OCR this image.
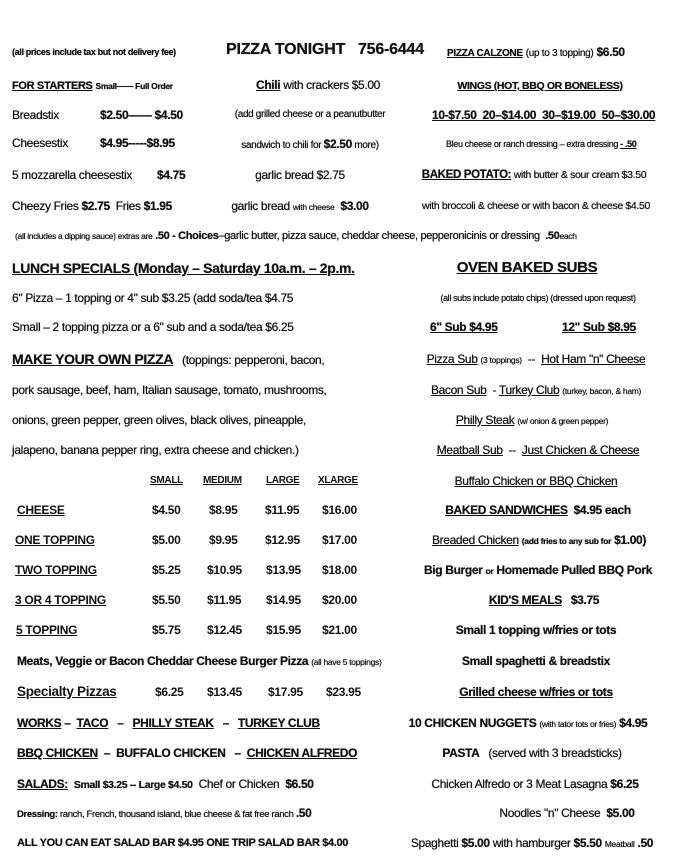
(all prices include tax but not delivery fee)	PIZZA TONIGHT 756-6444 PIZZA CALZONE (up to 3 topping) $6.50
FOR STARTERS Small—— Full Order
Breadstix	$2.50—— $4.50
Cheesestix	$4.95-----$8.95
5 mozzarella cheesestix $4.75
Cheezy Fries $2.75 Fries $1.95
(all includes a dipping sauce) extras are .50 - Choices–garlic butter, pizza sauce, cheddar cheese, pepperonicinis or dressing .50each
Chili with crackers $5.00
(add grilled cheese or a peanutbutter
sandwich to chili for $2.50 more)
garlic bread $2.75
garlic bread with cheese $3.00
WINGS (HOT, BBQ OR BONELESS)
10-$7.50 20–$14.00 30–$19.00 50–$30.00
Bleu cheese or ranch dressing – extra dressing - .50
BAKED POTATO: with butter & sour cream $3.50
with broccoli & cheese or with bacon & cheese $4.50
LUNCH SPECIALS (Monday – Saturday 10a.m. – 2p.m.
6" Pizza – 1 topping or 4" sub $3.25 (add soda/tea $4.75
Small – 2 topping pizza or a 6" sub and a soda/tea $6.25
MAKE YOUR OWN PIZZA (toppings: pepperoni, bacon,
pork sausage, beef, ham, Italian sausage, tomato, mushrooms,
onions, green pepper, green olives, black olives, pineapple,
jalapeno, banana pepper ring, extra cheese and chicken.)
SMALL MEDIUM LARGE XLARGE
CHEESE	$4.50 $8.95 $11.95 $16.00
ONE TOPPING	$5.00 $9.95 $12.95 $17.00
TWO TOPPING	$5.25 $10.95 $13.95 $18.00
3 OR 4 TOPPING	$5.50 $11.95 $14.95 $20.00
5 TOPPING	$5.75 $12.45 $15.95 $21.00
Meats, Veggie or Bacon Cheddar Cheese Burger Pizza (all have 5 toppings)
Specialty Pizzas	$6.25 $13.45 $17.95 $23.95
WORKS – TACO – PHILLY STEAK – TURKEY CLUB
BBQ CHICKEN – BUFFALO CHICKEN – CHICKEN ALFREDO
SALADS: Small $3.25 -- Large $4.50 Chef or Chicken $6.50
Dressing: ranch, French, thousand island, blue cheese & fat free ranch .50
ALL YOU CAN EAT SALAD BAR $4.95 ONE TRIP SALAD BAR $4.00
OVEN BAKED SUBS
(all subs include potato chips) (dressed upon request)
6" Sub $4.95	12" Sub $8.95
Pizza Sub (3 toppings) -- Hot Ham "n" Cheese
Bacon Sub - Turkey Club (turkey, bacon, & ham)
Philly Steak (w/ onion & green pepper)
Meatball Sub -- Just Chicken & Cheese
Buffalo Chicken or BBQ Chicken
BAKED SANDWICHES $4.95 each
Breaded Chicken (add fries to any sub for $1.00)
Big Burger or Homemade Pulled BBQ Pork
KID'S MEALS $3.75
Small 1 topping w/fries or tots
Small spaghetti & breadstix
Grilled cheese w/fries or tots
10 CHICKEN NUGGETS (with tator tots or fries) $4.95
PASTA (served with 3 breadsticks)
Chicken Alfredo or 3 Meat Lasagna $6.25
Noodles "n" Cheese $5.00
Spaghetti $5.00 with hamburger $5.50 Meatball .50
